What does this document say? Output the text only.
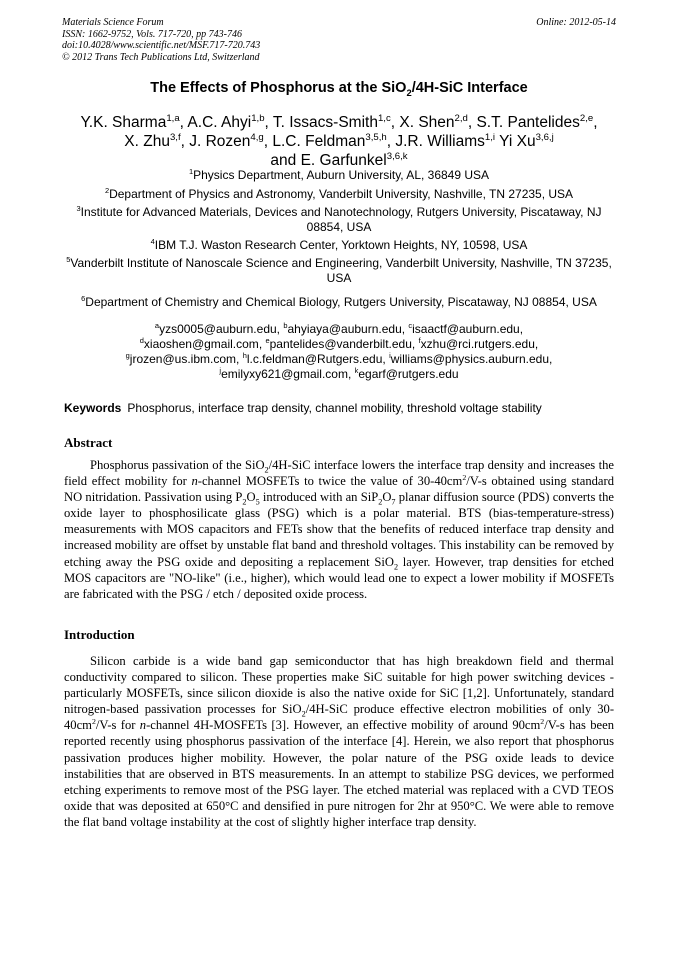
Materials Science Forum
ISSN: 1662-9752, Vols. 717-720, pp 743-746
doi:10.4028/www.scientific.net/MSF.717-720.743
© 2012 Trans Tech Publications Ltd, Switzerland
Online: 2012-05-14
The Effects of Phosphorus at the SiO$_2$/4H-SiC Interface
Y.K. Sharma$^{1,a}$, A.C. Ahyi$^{1,b}$, T. Issacs-Smith$^{1,c}$, X. Shen$^{2,d}$, S.T. Pantelides$^{2,e}$,
X. Zhu$^{3,f}$, J. Rozen$^{4,g}$, L.C. Feldman$^{3,5,h}$, J.R. Williams$^{1,i}$ Yi Xu$^{3,6,j}$
and E. Garfunkel$^{3,6,k}$
$^1$Physics Department, Auburn University, AL, 36849 USA
$^2$Department of Physics and Astronomy, Vanderbilt University, Nashville, TN 27235, USA
$^3$Institute for Advanced Materials, Devices and Nanotechnology, Rutgers University, Piscataway, NJ 08854, USA
$^4$IBM T.J. Waston Research Center, Yorktown Heights, NY, 10598, USA
$^5$Vanderbilt Institute of Nanoscale Science and Engineering, Vanderbilt University, Nashville, TN 37235, USA
$^6$Department of Chemistry and Chemical Biology, Rutgers University, Piscataway, NJ 08854, USA
$^a$yzs0005@auburn.edu, $^b$ahyiaya@auburn.edu, $^c$isaactf@auburn.edu,
$^d$xiaoshen@gmail.com, $^e$pantelides@vanderbilt.edu, $^f$xzhu@rci.rutgers.edu,
$^g$jrozen@us.ibm.com, $^h$l.c.feldman@Rutgers.edu, $^i$williams@physics.auburn.edu,
$^j$emilyxy621@gmail.com, $^k$egarf@rutgers.edu
Keywords Phosphorus, interface trap density, channel mobility, threshold voltage stability
Abstract
Phosphorus passivation of the SiO$_2$/4H-SiC interface lowers the interface trap density and increases the field effect mobility for n-channel MOSFETs to twice the value of $30-40cm^2/V-s$ obtained using standard NO nitridation. Passivation using $P_2O_5$ introduced with an $SiP_2O_7$ planar diffusion source (PDS) converts the oxide layer to phosphosilicate glass (PSG) which is a polar material. BTS (bias-temperature-stress) measurements with MOS capacitors and FETs show that the benefits of reduced interface trap density and increased mobility are offset by unstable flat band and threshold voltages. This instability can be removed by etching away the PSG oxide and depositing a replacement SiO$_2$ layer. However, trap densities for etched MOS capacitors are "NO-like" (i.e., higher), which would lead one to expect a lower mobility if MOSFETs are fabricated with the PSG / etch / deposited oxide process.
Introduction
Silicon carbide is a wide band gap semiconductor that has high breakdown field and thermal conductivity compared to silicon. These properties make SiC suitable for high power switching devices - particularly MOSFETs, since silicon dioxide is also the native oxide for SiC [1,2]. Unfortunately, standard nitrogen-based passivation processes for SiO$_2$/4H-SiC produce effective electron mobilities of only $30-40cm^2/V-s$ for n-channel 4H-MOSFETs [3]. However, an effective mobility of around $90cm^2/V-s$ has been reported recently using phosphorus passivation of the interface [4]. Herein, we also report that phosphorus passivation produces higher mobility. However, the polar nature of the PSG oxide leads to device instabilities that are observed in BTS measurements. In an attempt to stabilize PSG devices, we performed etching experiments to remove most of the PSG layer. The etched material was replaced with a CVD TEOS oxide that was deposited at 650°C and densified in pure nitrogen for 2hr at 950°C. We were able to remove the flat band voltage instability at the cost of slightly higher interface trap density.
